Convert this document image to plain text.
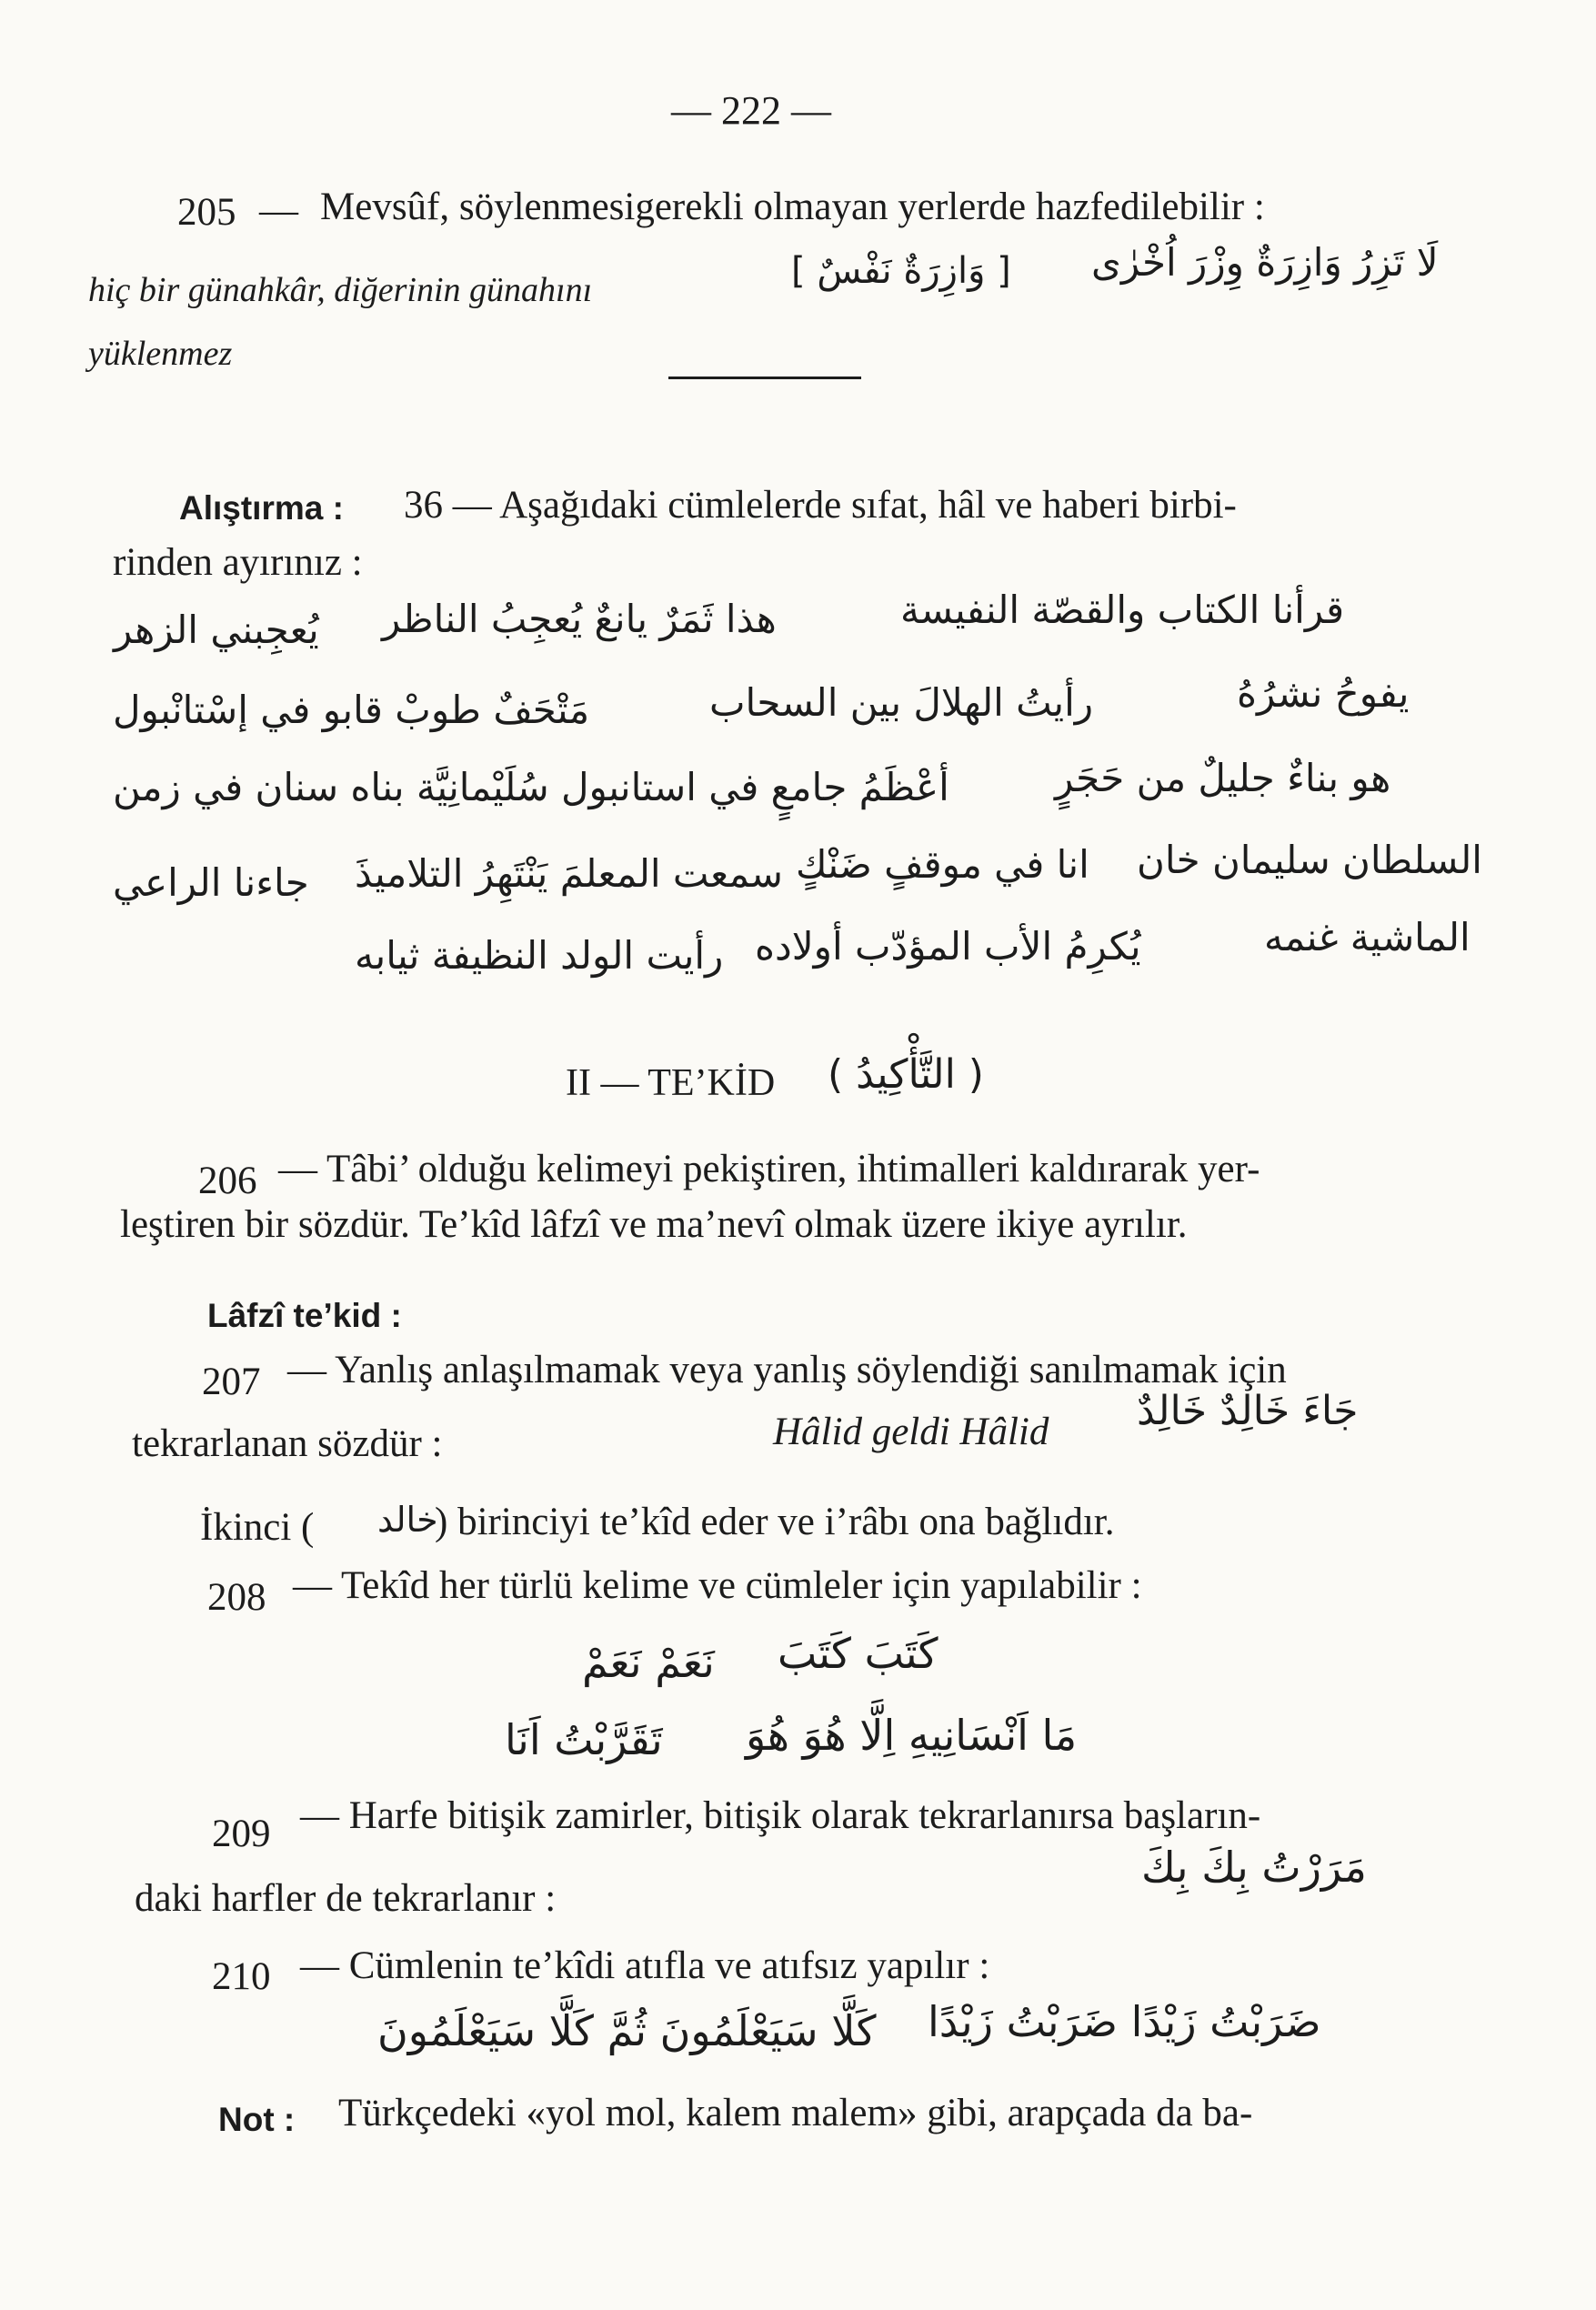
— 222 —
205 — Mevsûf, söylenmesigerekli olmayan yerlerde hazfedilebilir :
hiç bir günahkâr, diğerinin günahını	[ وَازِرَةٌ نَفْسٌ ] لَا تَزِرُ وَازِرَةٌ وِزْرَ اُخْرٰى
yüklenmez
Alıştırma : 36 — Aşağıdaki cümlelerde sıfat, hâl ve haberi birbi-
rinden ayırınız :
قرأنا الكتاب والقصّة النفيسة
هذا ثَمَرٌ يانعٌ يُعجِبُ الناظر
يُعجِبني الزهر
يفوحُ نشرُهُ
رأيتُ الهلالَ بين السحاب
مَتْحَفٌ طوبْ قابو في إسْتانْبول
هو بناءٌ جليلٌ من حَجَرٍ
أعْظَمُ جامعٍ في استانبول سُلَيْمانِيَّة بناه سنان في زمن
السلطان سليمان خان
انا في موقفٍ ضَنْكٍ
سمعت المعلمَ يَنْتَهِرُ التلاميذَ
جاءنا الراعي
الماشية غنمه
يُكرِمُ الأب المؤدّب أولاده
رأيت الولد النظيفة ثيابه
II — TE’KİD ( التَّأْكِيدُ )
206 — Tâbi’ olduğu kelimeyi pekiştiren, ihtimalleri kaldırarak yer-
leştiren bir sözdür. Te’kîd lâfzî ve ma’nevî olmak üzere ikiye ayrılır.
Lâfzî te’kid :
207 — Yanlış anlaşılmamak veya yanlış söylendiği sanılmamak için
tekrarlanan sözdür :	Hâlid geldi Hâlid جَاءَ خَالِدٌ خَالِدٌ
İkinci ( خالد
) birinciyi te’kîd eder ve i’râbı ona bağlıdır.
208 — Tekîd her türlü kelime ve cümleler için yapılabilir :
كَتَبَ كَتَبَ
نَعَمْ نَعَمْ
مَا اَنْسَانِيهِ اِلَّا هُوَ هُوَ
تَقَرَّبْتُ اَنَا
209 — Harfe bitişik zamirler, bitişik olarak tekrarlanırsa başların-
daki harfler de tekrarlanır :
مَرَرْتُ بِكَ بِكَ
210 — Cümlenin te’kîdi atıfla ve atıfsız yapılır :
ضَرَبْتُ زَيْدًا ضَرَبْتُ زَيْدًا
كَلَّا سَيَعْلَمُونَ ثُمَّ كَلَّا سَيَعْلَمُونَ
Not : Türkçedeki «yol mol, kalem malem» gibi, arapçada da ba-
